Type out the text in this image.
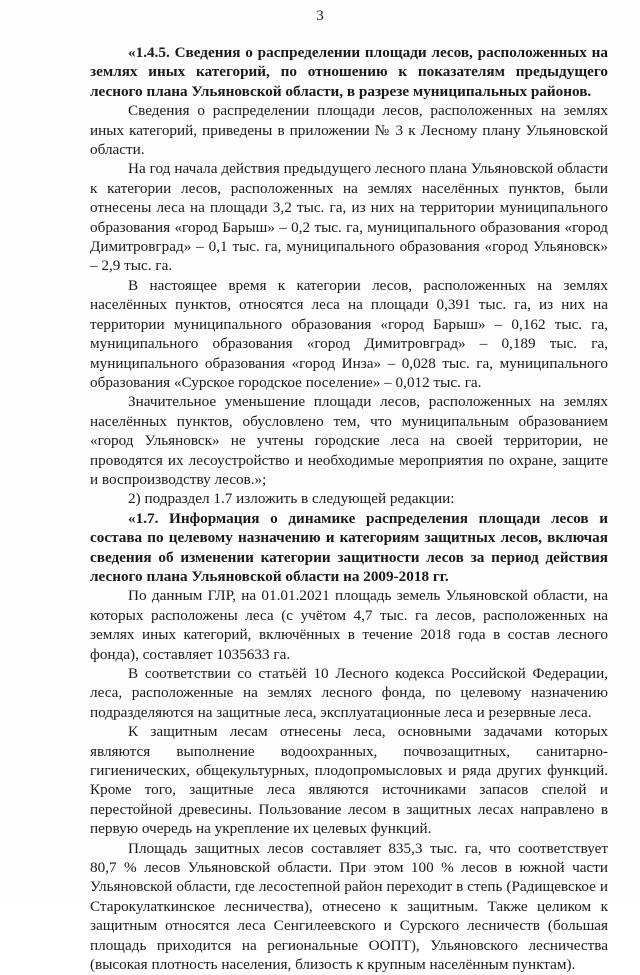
3

«1.4.5. Сведения о распределении площади лесов, расположенных на землях иных категорий, по отношению к показателям предыдущего лесного плана Ульяновской области, в разрезе муниципальных районов.

Сведения о распределении площади лесов, расположенных на землях иных категорий, приведены в приложении № 3 к Лесному плану Ульяновской области.

На год начала действия предыдущего лесного плана Ульяновской области к категории лесов, расположенных на землях населённых пунктов, были отнесены леса на площади 3,2 тыс. га, из них на территории муниципального образования «город Барыш» – 0,2 тыс. га, муниципального образования «город Димитровград» – 0,1 тыс. га, муниципального образования «город Ульяновск» – 2,9 тыс. га.

В настоящее время к категории лесов, расположенных на землях населённых пунктов, относятся леса на площади 0,391 тыс. га, из них на территории муниципального образования «город Барыш» – 0,162 тыс. га, муниципального образования «город Димитровград» – 0,189 тыс. га, муниципального образования «город Инза» – 0,028 тыс. га, муниципального образования «Сурское городское поселение» – 0,012 тыс. га.

Значительное уменьшение площади лесов, расположенных на землях населённых пунктов, обусловлено тем, что муниципальным образованием «город Ульяновск» не учтены городские леса на своей территории, не проводятся их лесоустройство и необходимые мероприятия по охране, защите и воспроизводству лесов.»;

2) подраздел 1.7 изложить в следующей редакции:

«1.7. Информация о динамике распределения площади лесов и состава по целевому назначению и категориям защитных лесов, включая сведения об изменении категории защитности лесов за период действия лесного плана Ульяновской области на 2009-2018 гг.

По данным ГЛР, на 01.01.2021 площадь земель Ульяновской области, на которых расположены леса (с учётом 4,7 тыс. га лесов, расположенных на землях иных категорий, включённых в течение 2018 года в состав лесного фонда), составляет 1035633 га.

В соответствии со статьёй 10 Лесного кодекса Российской Федерации, леса, расположенные на землях лесного фонда, по целевому назначению подразделяются на защитные леса, эксплуатационные леса и резервные леса.

К защитным лесам отнесены леса, основными задачами которых являются выполнение водоохранных, почвозащитных, санитарно-гигиенических, общекультурных, плодопромысловых и ряда других функций. Кроме того, защитные леса являются источниками запасов спелой и перестойной древесины. Пользование лесом в защитных лесах направлено в первую очередь на укрепление их целевых функций.

Площадь защитных лесов составляет 835,3 тыс. га, что соответствует 80,7 % лесов Ульяновской области. При этом 100 % лесов в южной части Ульяновской области, где лесостепной район переходит в степь (Радищевское и Старокулаткинское лесничества), отнесено к защитным. Также целиком к защитным относятся леса Сенгилеевского и Сурского лесничеств (большая площадь приходится на региональные ООПТ), Ульяновского лесничества (высокая плотность населения, близость к крупным населённым пунктам).
